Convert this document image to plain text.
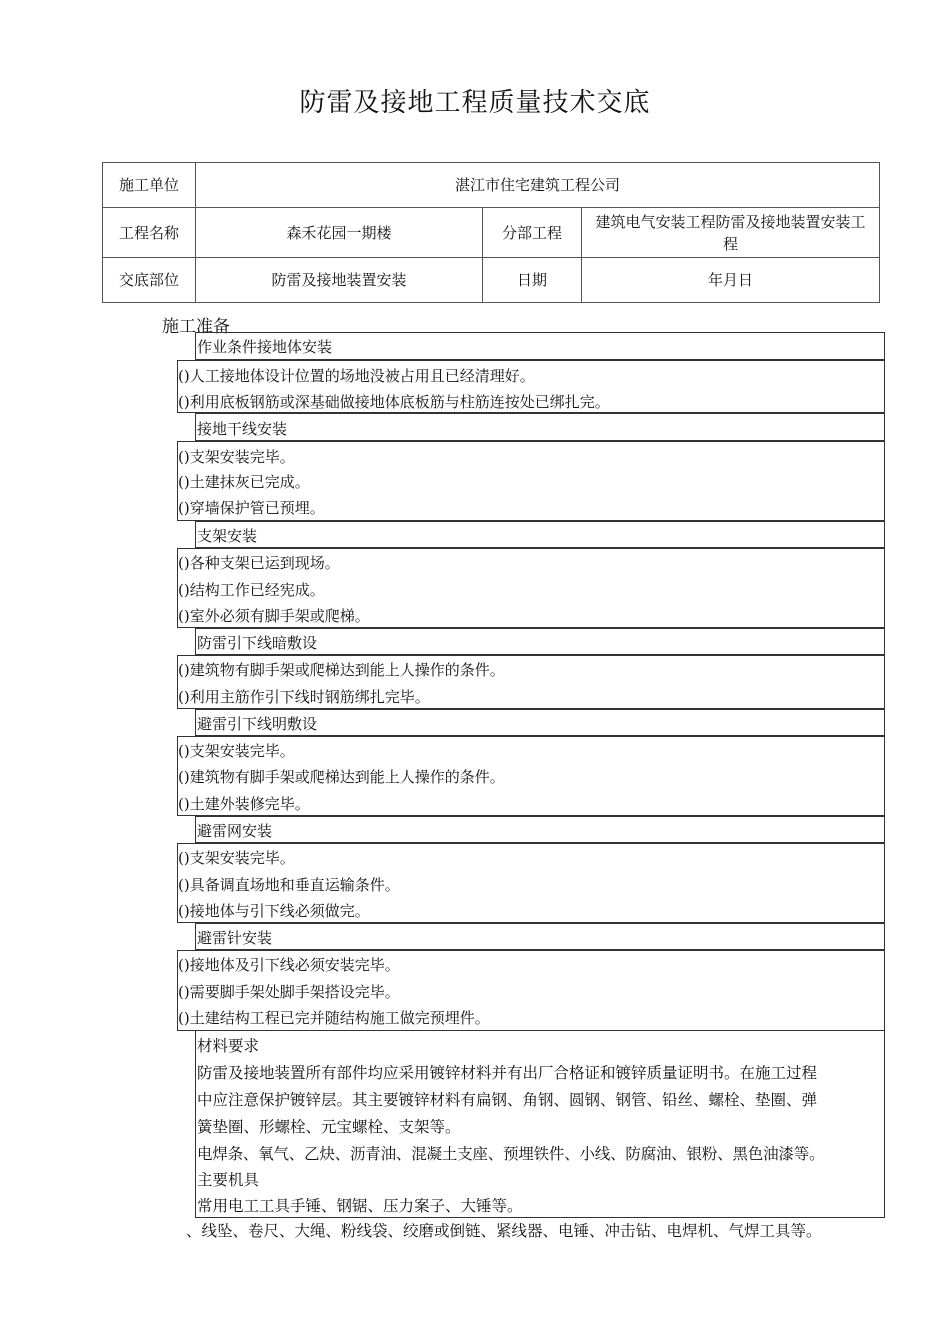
防雷及接地工程质量技术交底
施工单位	湛江市住宅建筑工程公司		
工程名称	森禾花园一期楼	分部工程	建筑电气安装工程防雷及接地装置安装工程
交底部位	防雷及接地装置安装	日期	年月日
施工准备
作业条件接地体安装
()人工接地体设计位置的场地没被占用且已经清理好。
()利用底板钢筋或深基础做接地体底板筋与柱筋连按处已绑扎完。
接地干线安装
()支架安装完毕。
()土建抹灰已完成。
()穿墙保护管已预埋。
支架安装
()各种支架已运到现场。
()结构工作已经宪成。
()室外必须有脚手架或爬梯。
防雷引下线暗敷设
()建筑物有脚手架或爬梯达到能上人操作的条件。
()利用主筋作引下线时钢筋绑扎完毕。
避雷引下线明敷设
()支架安装完毕。
()建筑物有脚手架或爬梯达到能上人操作的条件。
()土建外装修完毕。
避雷网安装
()支架安装完毕。
()具备调直场地和垂直运输条件。
()接地体与引下线必须做完。
避雷针安装
()接地体及引下线必须安装完毕。
()需要脚手架处脚手架搭设完毕。
()土建结构工程已完并随结构施工做完预埋件。
材料要求
防雷及接地装置所有部件均应采用镀锌材料并有出厂合格证和镀锌质量证明书。在施工过程
中应注意保护镀锌层。其主要镀锌材料有扁钢、角钢、圆钢、钢管、铅丝、螺栓、垫圈、弹
簧垫圈、形螺栓、元宝螺栓、支架等。
电焊条、氧气、乙炔、沥青油、混凝土支座、预埋铁件、小线、防腐油、银粉、黑色油漆等。
主要机具
常用电工工具手锤、钢锯、压力案子、大锤等。
、线坠、卷尺、大绳、粉线袋、绞磨或倒链、紧线器、电锤、冲击钻、电焊机、气焊工具等。
